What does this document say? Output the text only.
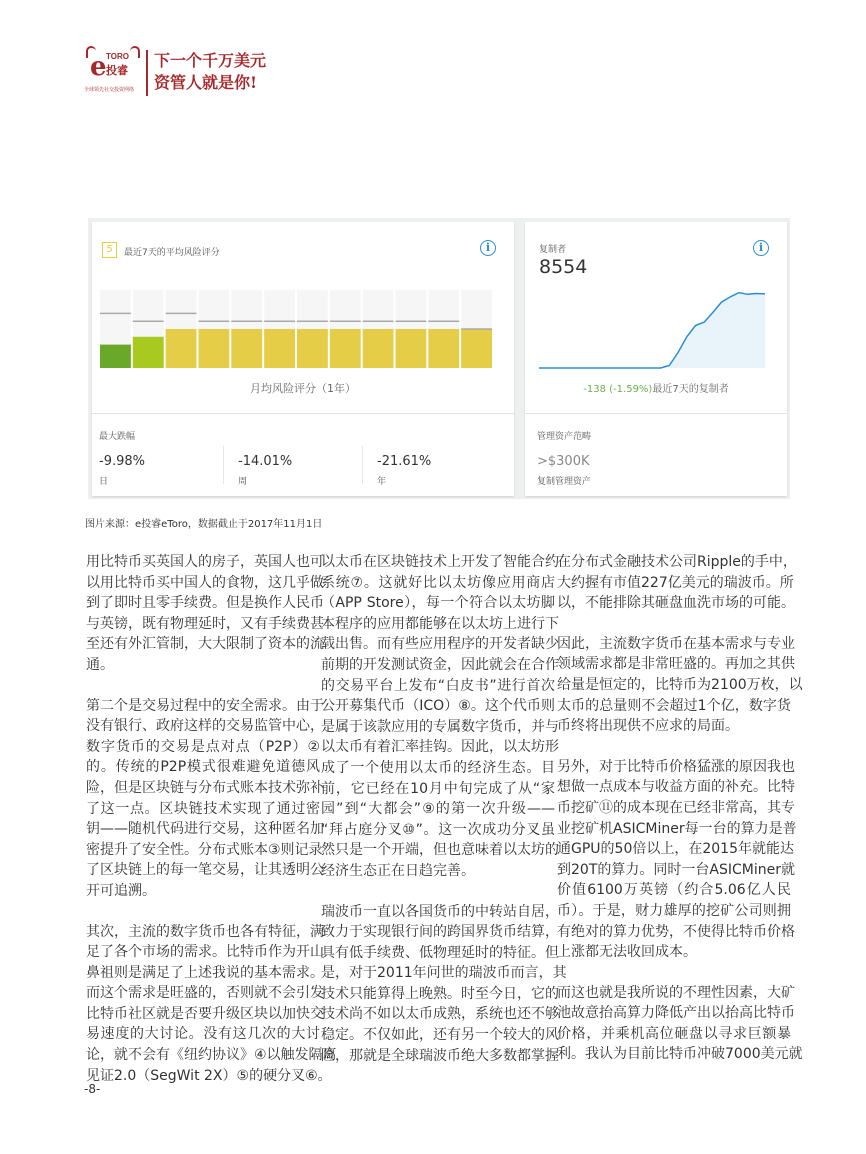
e TORO
投睿
全球领先社交投资网络
下一个千万美元
资管人就是你!
5	最近7天的平均风险评分	i
月均风险评分（1年）
最大跌幅
-9.98%
日
-14.01%
周
-21.61%
年
复制者
8554
i
-138 (-1.59%)最近7天的复制者
管理资产范畴
>$300K
复制管理资产
图片来源：e投睿eToro，数据截止于2017年11月1日
用比特币买英国人的房子，英国人也可
以用比特币买中国人的食物，这几乎做
到了即时且零手续费。但是换作人民币
与英镑，既有物理延时，又有手续费甚
至还有外汇管制，大大限制了资本的流
通。
第二个是交易过程中的安全需求。由于
没有银行、政府这样的交易监管中心，
数字货币的交易是点对点（P2P）②
的。传统的P2P模式很难避免道德风
险，但是区块链与分布式账本技术弥补
了这一点。区块链技术实现了通过密
钥——随机代码进行交易，这种匿名加
密提升了安全性。分布式账本③则记录
了区块链上的每一笔交易，让其透明公
开可追溯。
其次，主流的数字货币也各有特征，满
足了各个市场的需求。比特币作为开山
鼻祖则是满足了上述我说的基本需求。
而这个需求是旺盛的，否则就不会引发
比特币社区就是否要升级区块以加快交
易速度的大讨论。没有这几次的大讨
论，就不会有《纽约协议》④以触发隔离
见证2.0（SegWit 2X）⑤的硬分叉⑥。
以太币在区块链技术上开发了智能合约
系统⑦。这就好比以太坊像应用商店
（APP Store），每一个符合以太坊脚
本程序的应用都能够在以太坊上进行下
载出售。而有些应用程序的开发者缺少
前期的开发测试资金，因此就会在合作
的交易平台上发布“白皮书”进行首次
公开募集代币（ICO）⑧。这个代币则
是属于该款应用的专属数字货币，并与
以太币有着汇率挂钩。因此，以太坊形
成了一个使用以太币的经济生态。目
前，它已经在10月中旬完成了从“家
园”到“大都会”⑨的第一次升级——
“拜占庭分叉⑩”。这一次成功分叉虽
然只是一个开端，但也意味着以太坊的
经济生态正在日趋完善。
瑞波币一直以各国货币的中转站自居，
致力于实现银行间的跨国界货币结算，
具有低手续费、低物理延时的特征。但
是，对于2011年问世的瑞波币而言，其
技术只能算得上晚熟。时至今日，它的
技术尚不如以太币成熟，系统也还不够
稳定。不仅如此，还有另一个较大的风
险，那就是全球瑞波币绝大多数都掌握
在分布式金融技术公司Ripple的手中，
大约握有市值227亿美元的瑞波币。所
以，不能排除其砸盘血洗市场的可能。
因此，主流数字货币在基本需求与专业
领域需求都是非常旺盛的。再加之其供
给量是恒定的，比特币为2100万枚，以
太币的总量则不会超过1个亿，数字货
币终将出现供不应求的局面。
另外，对于比特币价格猛涨的原因我也
想做一点成本与收益方面的补充。比特
币挖矿⑪的成本现在已经非常高，其专
业挖矿机ASICMiner每一台的算力是普
通GPU的50倍以上，在2015年就能达
到20T的算力。同时一台ASICMiner就
价值6100万英镑（约合5.06亿人民
币）。于是，财力雄厚的挖矿公司则拥
有绝对的算力优势，不使得比特币价格
上涨都无法收回成本。
而这也就是我所说的不理性因素，大矿
池故意抬高算力降低产出以抬高比特币
价格，并乘机高位砸盘以寻求巨额暴
利。我认为目前比特币冲破7000美元就
-8-
